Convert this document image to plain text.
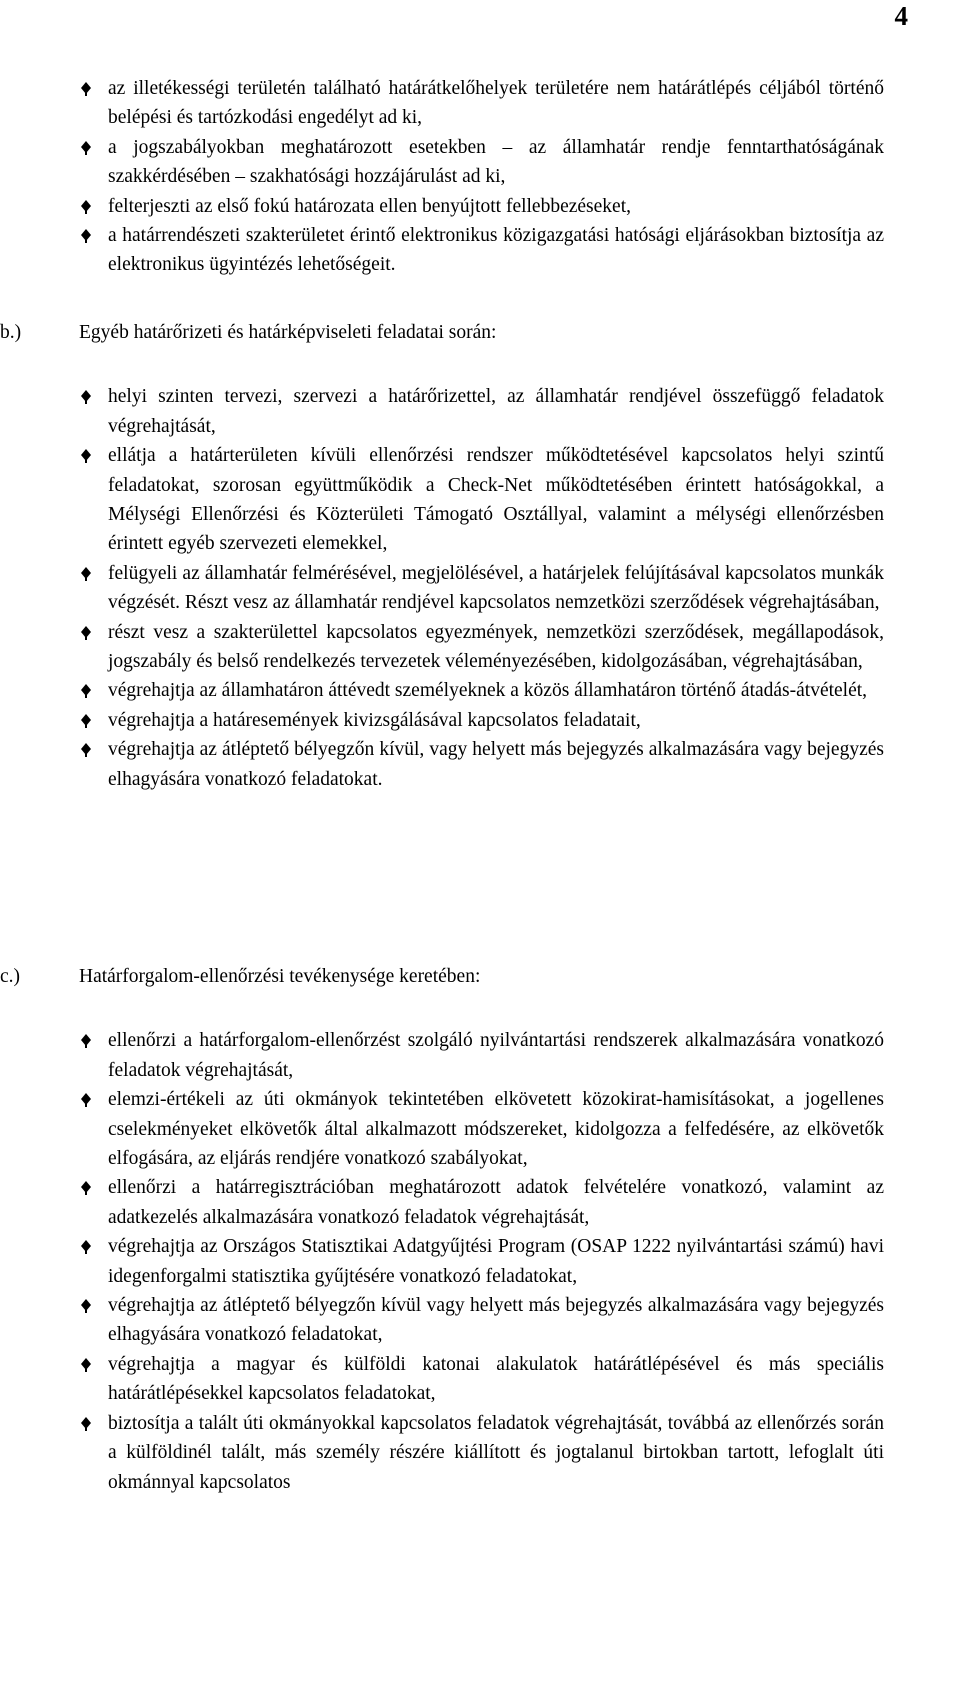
4
az illetékességi területén található határátkelőhelyek területére nem határátlépés céljából történő belépési és tartózkodási engedélyt ad ki,
a jogszabályokban meghatározott esetekben – az államhatár rendje fenntarthatóságának szakkérdésében – szakhatósági hozzájárulást ad ki,
felterjeszti az első fokú határozata ellen benyújtott fellebbezéseket,
a határrendészeti szakterületet érintő elektronikus közigazgatási hatósági eljárásokban biztosítja az elektronikus ügyintézés lehetőségeit.
b.)	Egyéb határőrizeti és határképviseleti feladatai során:
helyi szinten tervezi, szervezi a határőrizettel, az államhatár rendjével összefüggő feladatok végrehajtását,
ellátja a határterületen kívüli ellenőrzési rendszer működtetésével kapcsolatos helyi szintű feladatokat, szorosan együttműködik a Check-Net működtetésében érintett hatóságokkal, a Mélységi Ellenőrzési és Közterületi Támogató Osztállyal, valamint a mélységi ellenőrzésben érintett egyéb szervezeti elemekkel,
felügyeli az államhatár felmérésével, megjelölésével, a határjelek felújításával kapcsolatos munkák végzését. Részt vesz az államhatár rendjével kapcsolatos nemzetközi szerződések végrehajtásában,
részt vesz a szakterülettel kapcsolatos egyezmények, nemzetközi szerződések, megállapodások, jogszabály és belső rendelkezés tervezetek véleményezésében, kidolgozásában, végrehajtásában,
végrehajtja az államhatáron áttévedt személyeknek a közös államhatáron történő átadás-átvételét,
végrehajtja a határesemények kivizsgálásával kapcsolatos feladatait,
végrehajtja az átléptető bélyegzőn kívül, vagy helyett más bejegyzés alkalmazására vagy bejegyzés elhagyására vonatkozó feladatokat.
c.)	Határforgalom-ellenőrzési tevékenysége keretében:
ellenőrzi a határforgalom-ellenőrzést szolgáló nyilvántartási rendszerek alkalmazására vonatkozó feladatok végrehajtását,
elemzi-értékeli az úti okmányok tekintetében elkövetett közokirat-hamisításokat, a jogellenes cselekményeket elkövetők által alkalmazott módszereket, kidolgozza a felfedésére, az elkövetők elfogására, az eljárás rendjére vonatkozó szabályokat,
ellenőrzi a határregisztrációban meghatározott adatok felvételére vonatkozó, valamint az adatkezelés alkalmazására vonatkozó feladatok végrehajtását,
végrehajtja az Országos Statisztikai Adatgyűjtési Program (OSAP 1222 nyilvántartási számú) havi idegenforgalmi statisztika gyűjtésére vonatkozó feladatokat,
végrehajtja az átléptető bélyegzőn kívül vagy helyett más bejegyzés alkalmazására vagy bejegyzés elhagyására vonatkozó feladatokat,
végrehajtja a magyar és külföldi katonai alakulatok határátlépésével és más speciális határátlépésekkel kapcsolatos feladatokat,
biztosítja a talált úti okmányokkal kapcsolatos feladatok végrehajtását, továbbá az ellenőrzés során a külföldinél talált, más személy részére kiállított és jogtalanul birtokban tartott, lefoglalt úti okmánnyal kapcsolatos
